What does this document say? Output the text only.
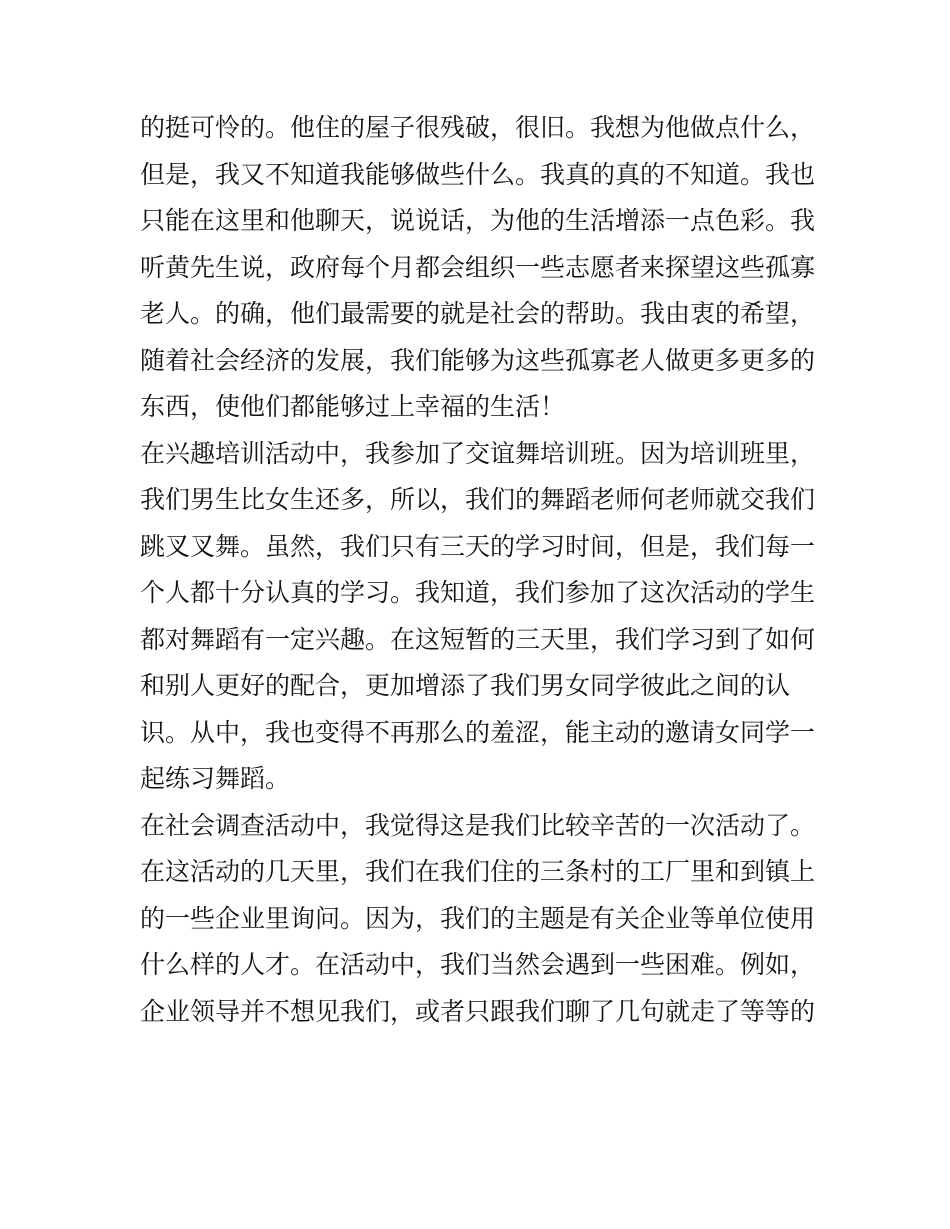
的挺可怜的。他住的屋子很残破，很旧。我想为他做点什么，
但是，我又不知道我能够做些什么。我真的真的不知道。我也
只能在这里和他聊天，说说话，为他的生活增添一点色彩。我
听黄先生说，政府每个月都会组织一些志愿者来探望这些孤寡
老人。的确，他们最需要的就是社会的帮助。我由衷的希望，
随着社会经济的发展，我们能够为这些孤寡老人做更多更多的
东西，使他们都能够过上幸福的生活！
在兴趣培训活动中，我参加了交谊舞培训班。因为培训班里，
我们男生比女生还多，所以，我们的舞蹈老师何老师就交我们
跳叉叉舞。虽然，我们只有三天的学习时间，但是，我们每一
个人都十分认真的学习。我知道，我们参加了这次活动的学生
都对舞蹈有一定兴趣。在这短暂的三天里，我们学习到了如何
和别人更好的配合，更加增添了我们男女同学彼此之间的认
识。从中，我也变得不再那么的羞涩，能主动的邀请女同学一
起练习舞蹈。
在社会调查活动中，我觉得这是我们比较辛苦的一次活动了。
在这活动的几天里，我们在我们住的三条村的工厂里和到镇上
的一些企业里询问。因为，我们的主题是有关企业等单位使用
什么样的人才。在活动中，我们当然会遇到一些困难。例如，
企业领导并不想见我们，或者只跟我们聊了几句就走了等等的
